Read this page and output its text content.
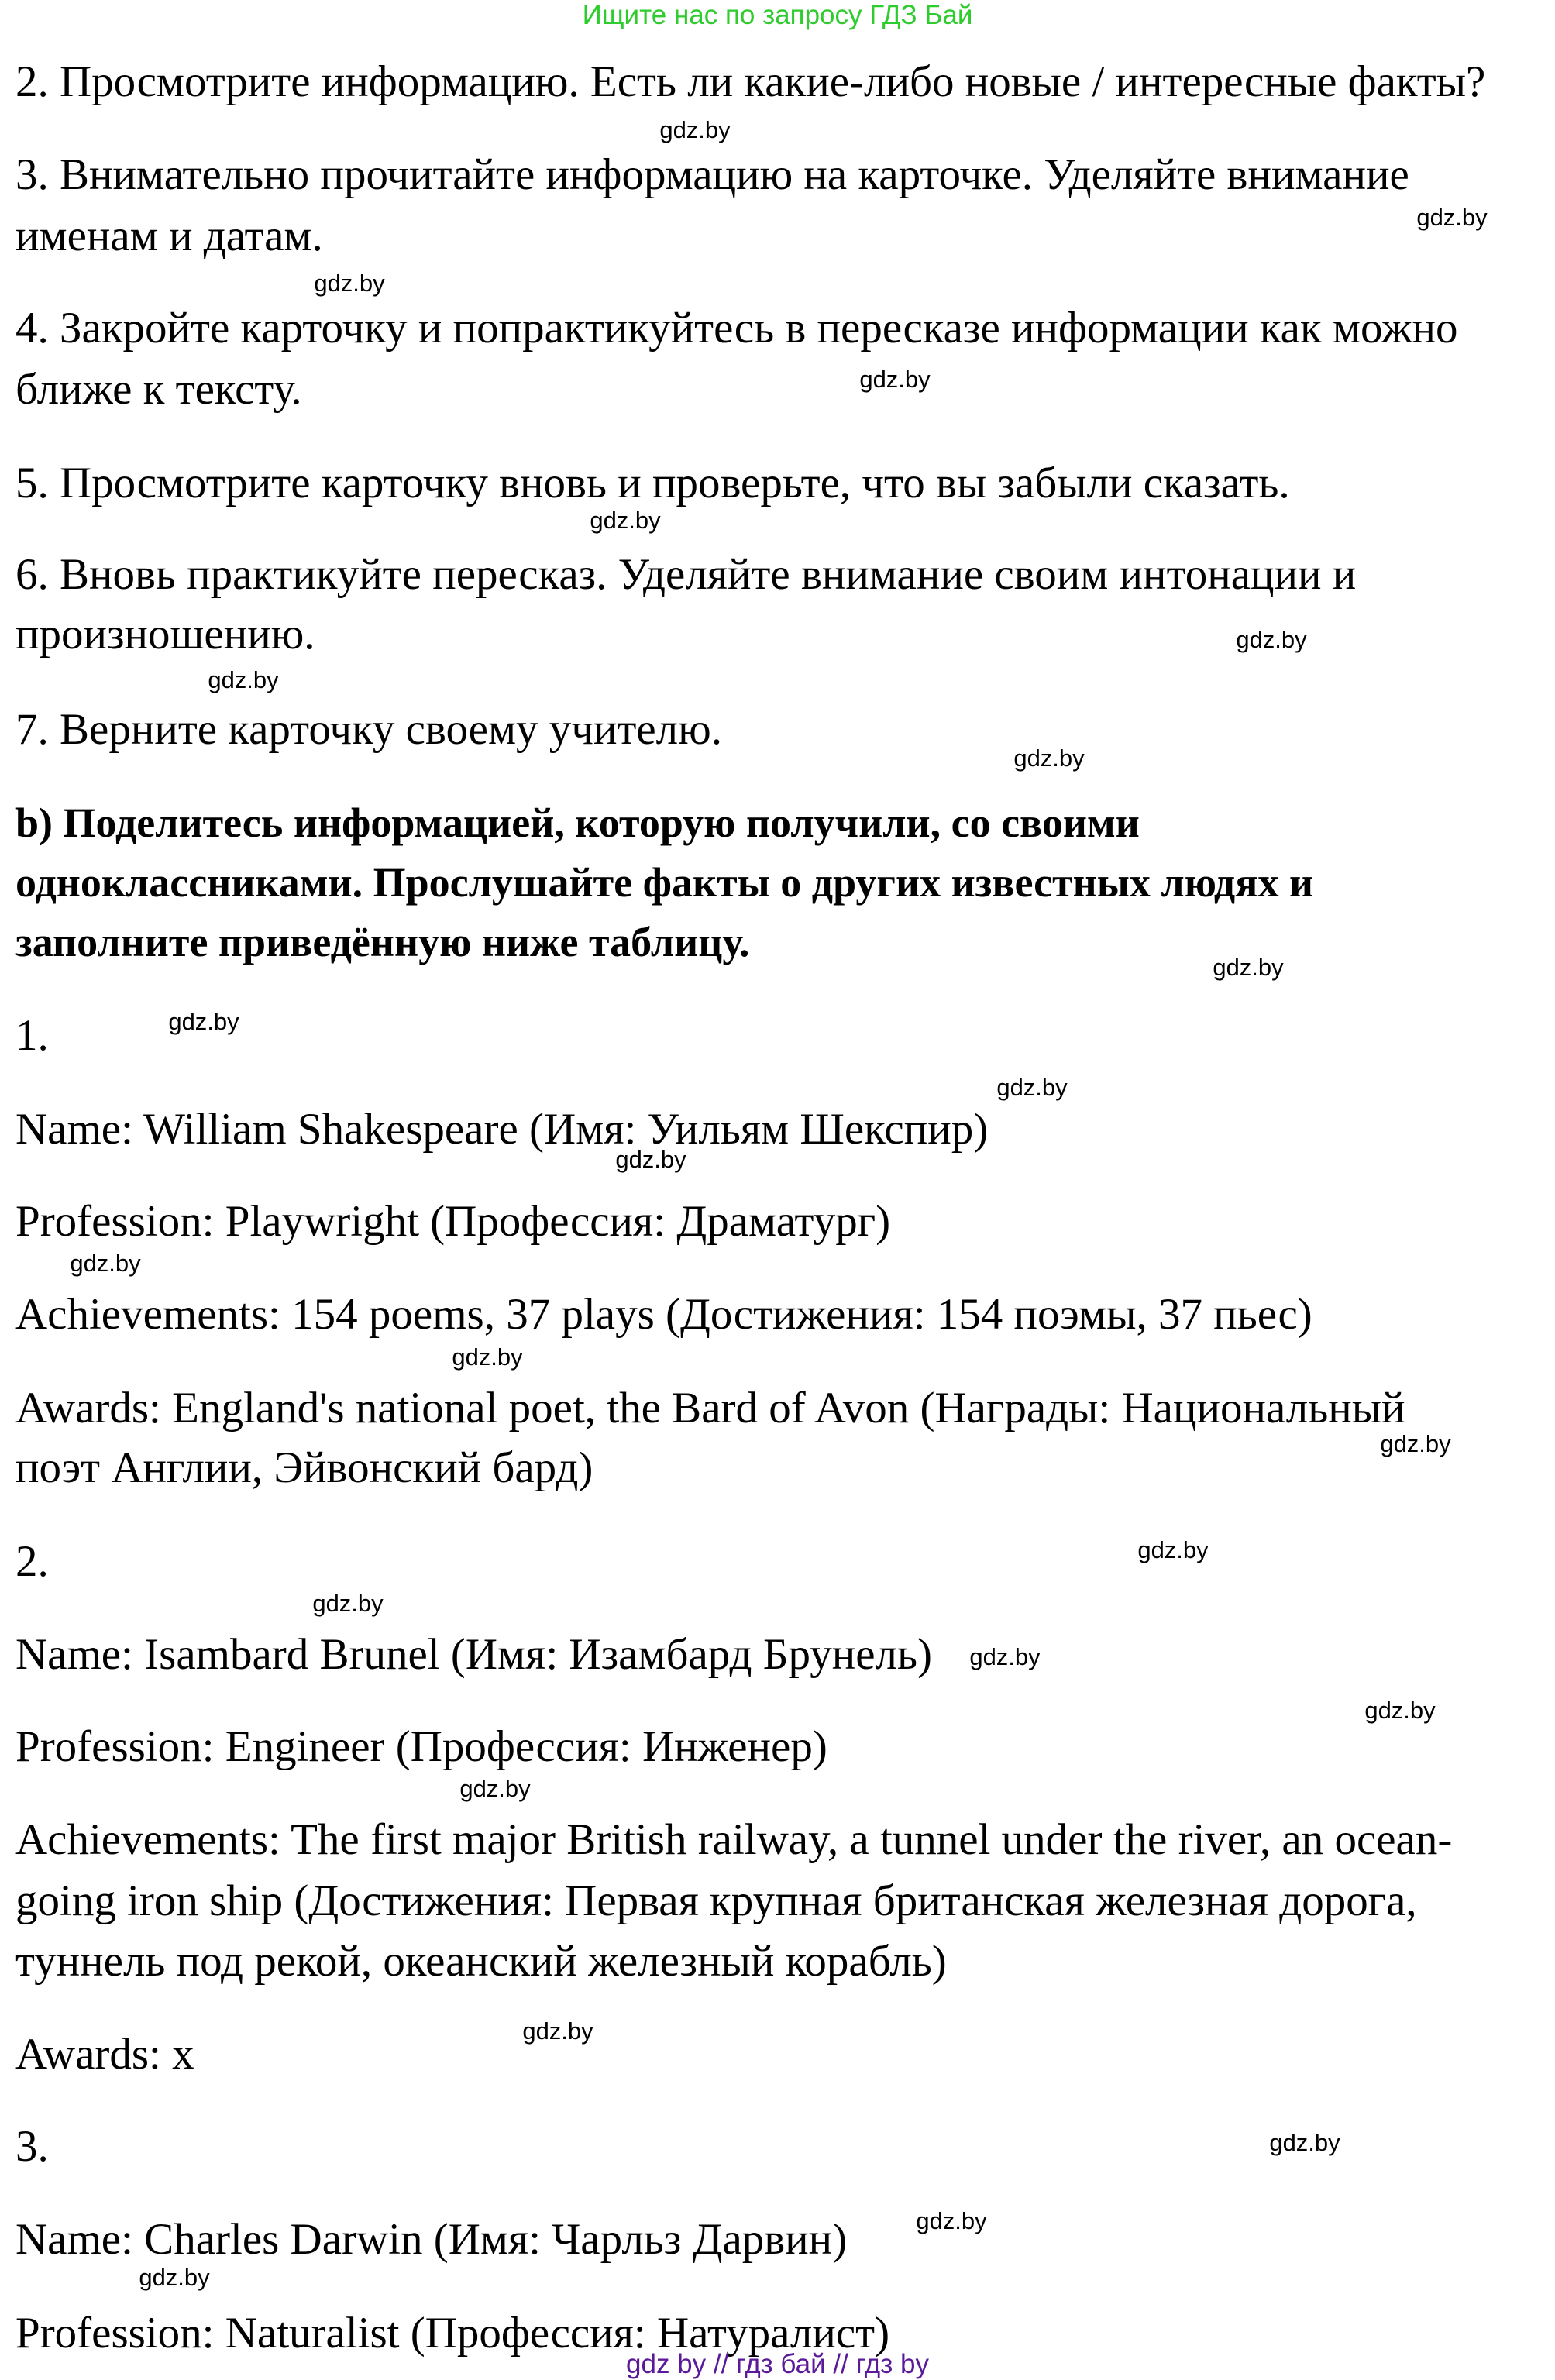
Ищите нас по запросу ГДЗ Бай
2. Просмотрите информацию. Есть ли какие-либо новые / интересные факты?
3. Внимательно прочитайте информацию на карточке. Уделяйте внимание
именам и датам.
4. Закройте карточку и попрактикуйтесь в пересказе информации как можно
ближе к тексту.
5. Просмотрите карточку вновь и проверьте, что вы забыли сказать.
6. Вновь практикуйте пересказ. Уделяйте внимание своим интонации и
произношению.
7. Верните карточку своему учителю.
b) Поделитесь информацией, которую получили, со своими
одноклассниками. Прослушайте факты о других известных людях и
заполните приведённую ниже таблицу.
1.
Name: William Shakespeare (Имя: Уильям Шекспир)
Profession: Playwright (Профессия: Драматург)
Achievements: 154 poems, 37 plays (Достижения: 154 поэмы, 37 пьес)
Awards: England's national poet, the Bard of Avon (Награды: Национальный
поэт Англии, Эйвонский бард)
2.
Name: Isambard Brunel (Имя: Изамбард Брунель)
Profession: Engineer (Профессия: Инженер)
Achievements: The first major British railway, a tunnel under the river, an ocean-
going iron ship (Достижения: Первая крупная британская железная дорога,
туннель под рекой, океанский железный корабль)
Awards: x
3.
Name: Charles Darwin (Имя: Чарльз Дарвин)
Profession: Naturalist (Профессия: Натуралист)
gdz.by
gdz.by
gdz.by
gdz.by
gdz.by
gdz.by
gdz.by
gdz.by
gdz.by
gdz.by
gdz.by
gdz.by
gdz.by
gdz.by
gdz.by
gdz.by
gdz.by
gdz.by
gdz.by
gdz.by
gdz.by
gdz.by
gdz.by
gdz.by
gdz by // гдз бай // гдз by
